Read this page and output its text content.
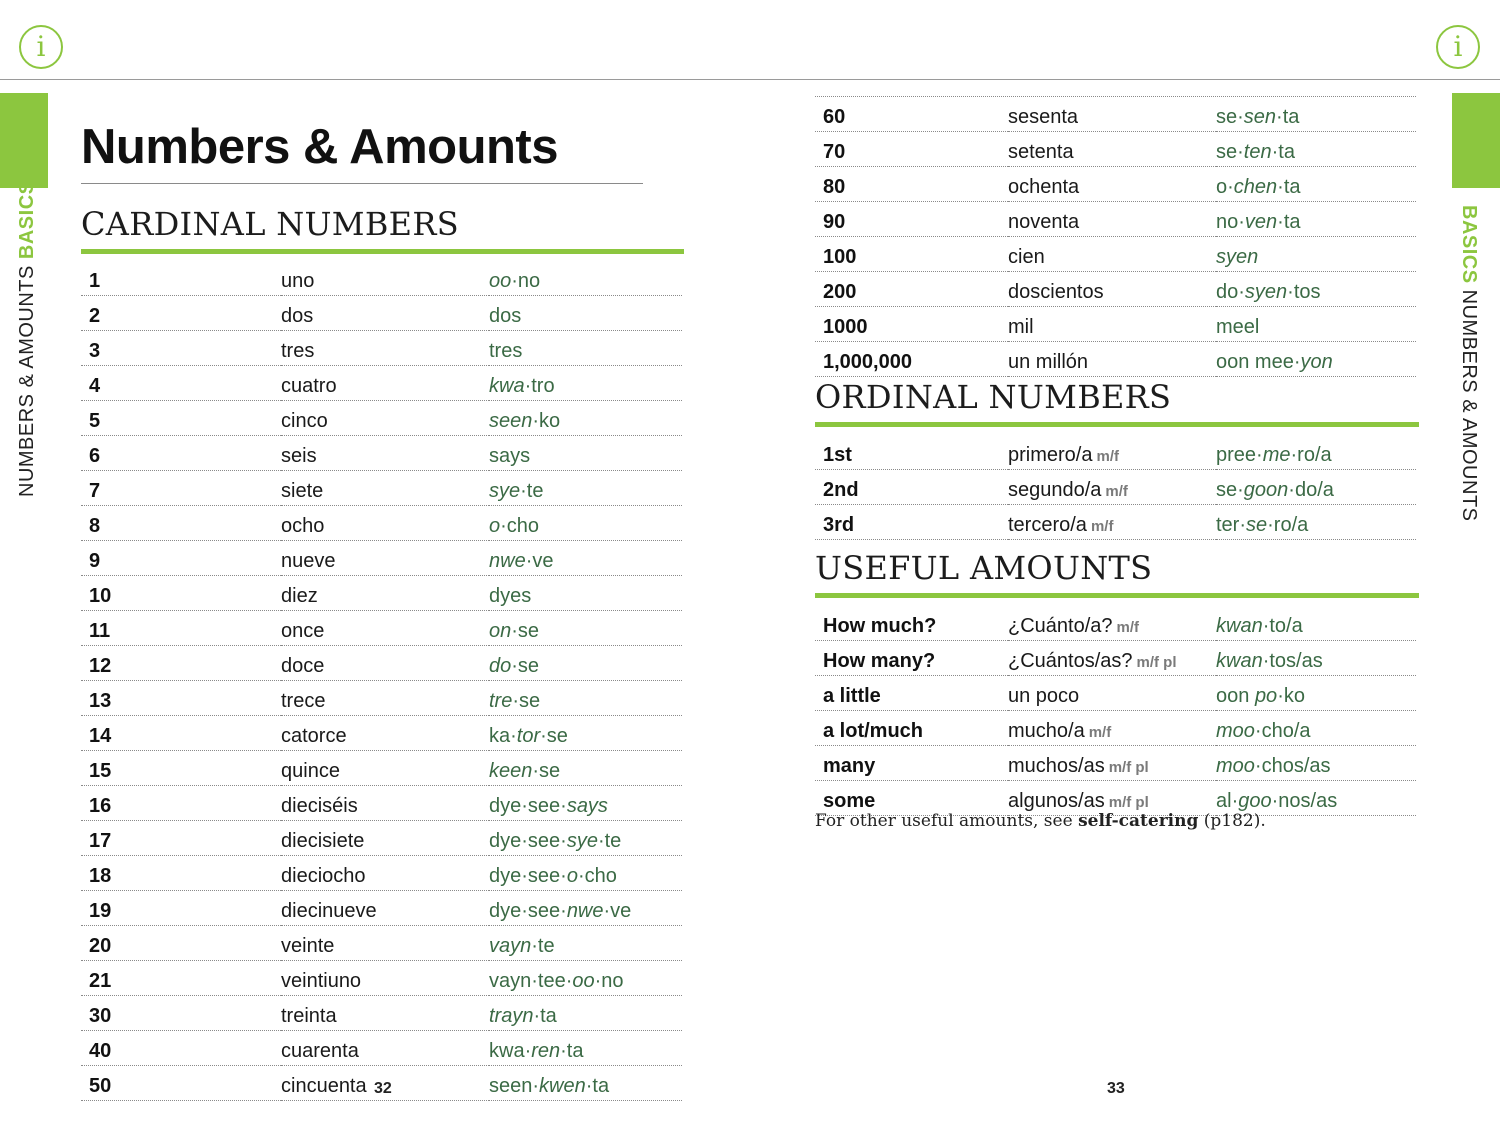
i	i
NUMBERS & AMOUNTS BASICS	BASICS NUMBERS & AMOUNTS
Numbers & Amounts
CARDINAL NUMBERS
1	uno	oo·no
2	dos	dos
3	tres	tres
4	cuatro	kwa·tro
5	cinco	seen·ko
6	seis	says
7	siete	sye·te
8	ocho	o·cho
9	nueve	nwe·ve
10	diez	dyes
11	once	on·se
12	doce	do·se
13	trece	tre·se
14	catorce	ka·tor·se
15	quince	keen·se
16	dieciséis	dye·see·says
17	diecisiete	dye·see·sye·te
18	dieciocho	dye·see·o·cho
19	diecinueve	dye·see·nwe·ve
20	veinte	vayn·te
21	veintiuno	vayn·tee·oo·no
30	treinta	trayn·ta
40	cuarenta	kwa·ren·ta
50	cincuenta	seen·kwen·ta
32
60	sesenta	se·sen·ta
70	setenta	se·ten·ta
80	ochenta	o·chen·ta
90	noventa	no·ven·ta
100	cien	syen
200	doscientos	do·syen·tos
1000	mil	meel
1,000,000	un millón	oon mee·yon
ORDINAL NUMBERS
1st	primero/a m/f	pree·me·ro/a
2nd	segundo/a m/f	se·goon·do/a
3rd	tercero/a m/f	ter·se·ro/a
USEFUL AMOUNTS
How much?	¿Cuánto/a? m/f	kwan·to/a
How many?	¿Cuántos/as? m/f pl	kwan·tos/as
a little	un poco	oon po·ko
a lot/much	mucho/a m/f	moo·cho/a
many	muchos/as m/f pl	moo·chos/as
some	algunos/as m/f pl	al·goo·nos/as
For other useful amounts, see self-catering (p182).
33
